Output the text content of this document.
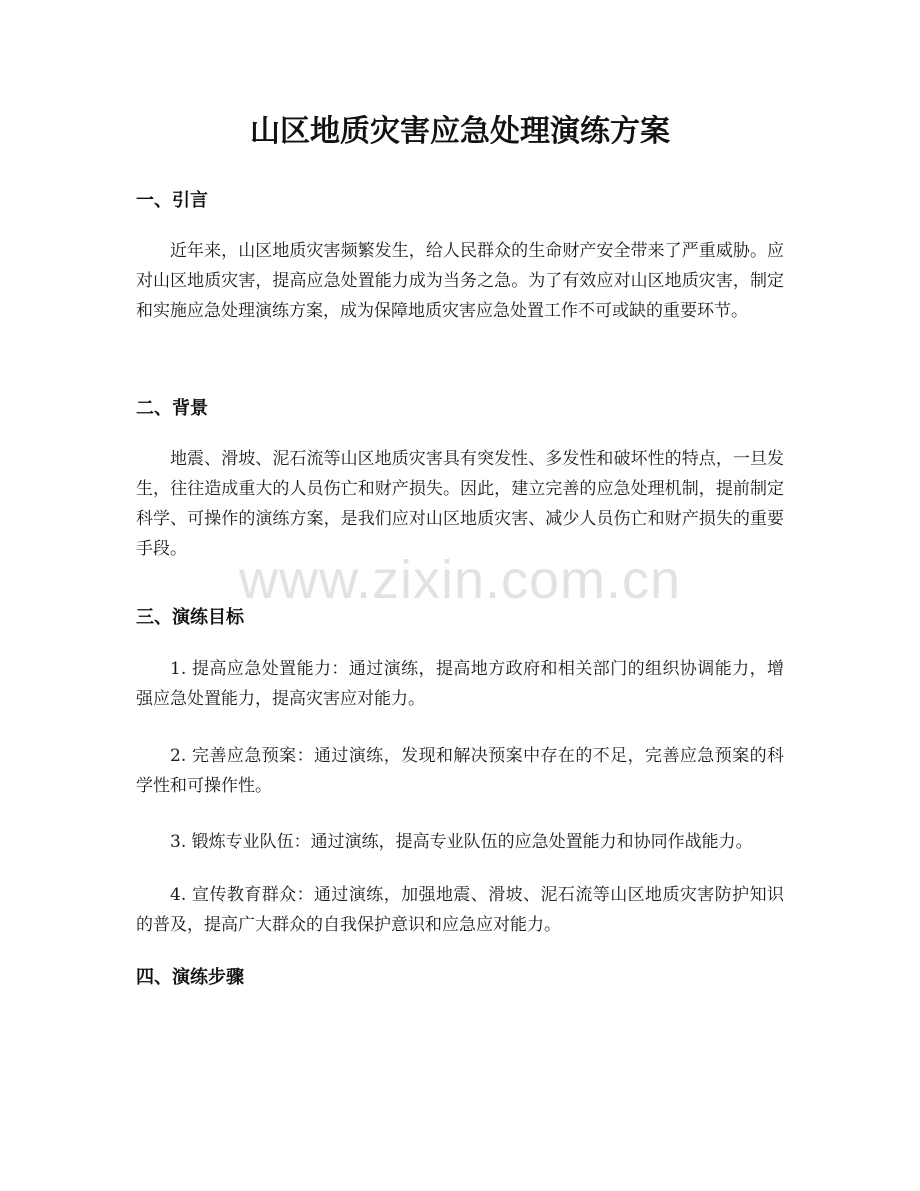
山区地质灾害应急处理演练方案
一、引言

近年来，山区地质灾害频繁发生，给人民群众的生命财产安全带来了严重威胁。应对山区地质灾害，提高应急处置能力成为当务之急。为了有效应对山区地质灾害，制定和实施应急处理演练方案，成为保障地质灾害应急处置工作不可或缺的重要环节。

二、背景

地震、滑坡、泥石流等山区地质灾害具有突发性、多发性和破坏性的特点，一旦发生，往往造成重大的人员伤亡和财产损失。因此，建立完善的应急处理机制，提前制定科学、可操作的演练方案，是我们应对山区地质灾害、减少人员伤亡和财产损失的重要手段。

三、演练目标

1. 提高应急处置能力：通过演练，提高地方政府和相关部门的组织协调能力，增强应急处置能力，提高灾害应对能力。

2. 完善应急预案：通过演练，发现和解决预案中存在的不足，完善应急预案的科学性和可操作性。

3. 锻炼专业队伍：通过演练，提高专业队伍的应急处置能力和协同作战能力。

4. 宣传教育群众：通过演练，加强地震、滑坡、泥石流等山区地质灾害防护知识的普及，提高广大群众的自我保护意识和应急应对能力。

四、演练步骤
www.zixin.com.cn
